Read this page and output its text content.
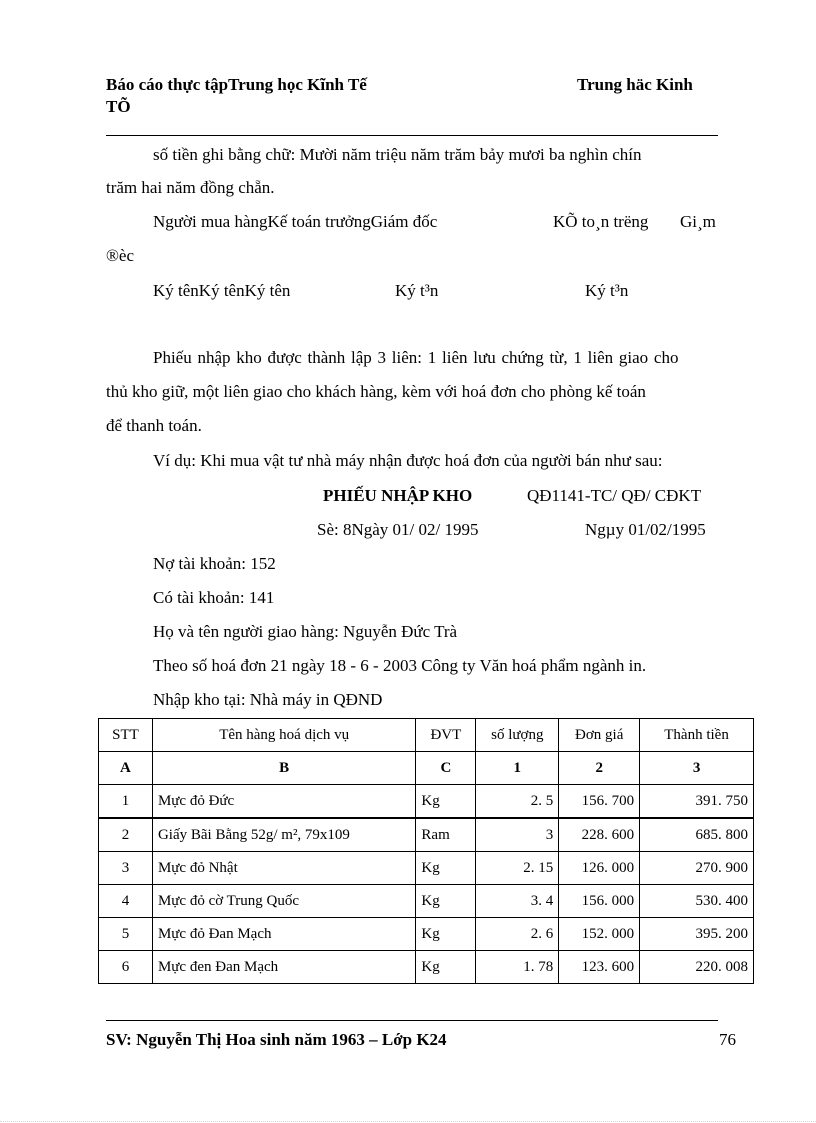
Báo cáo thực tậpTrung học Kĩnh Tế
TÕ
Trung häc Kinh
số tiền ghi bằng chữ: Mười năm triệu năm trăm bảy mươi ba nghìn chín
trăm hai năm đồng chẵn.
Người mua hàngKế toán trưởngGiám đốc	KÕ to¸n trëng Gi¸m
®èc
Ký tênKý tênKý tên	Ký t³n	Ký t³n
Phiếu nhập kho được thành lập 3 liên: 1 liên lưu chứng từ, 1 liên giao cho
thủ kho giữ, một liên giao cho khách hàng, kèm với hoá đơn cho phòng kế toán
để thanh toán.
Ví dụ: Khi mua vật tư nhà máy nhận được hoá đơn của người bán như sau:
PHIẾU NHẬP KHO	QĐ1141-TC/ QĐ/ CĐKT
Sè: 8Ngày 01/ 02/ 1995	Ngµy 01/02/1995
Nợ tài khoản: 152
Có tài khoản: 141
Họ và tên người giao hàng: Nguyễn Đức Trà
Theo số hoá đơn 21 ngày 18 - 6 - 2003 Công ty Văn hoá phẩm ngành in.
Nhập kho tại: Nhà máy in QĐND
STT	Tên hàng hoá dịch vụ	ĐVT	số lượng	Đơn giá	Thành tiền
A	B	C	1	2	3
1	Mực đỏ Đức	Kg	2. 5	156. 700	391. 750
2	Giấy Bãi Bằng 52g/ m², 79x109	Ram	3	228. 600	685. 800
3	Mực đỏ Nhật	Kg	2. 15	126. 000	270. 900
4	Mực đỏ cờ Trung Quốc	Kg	3. 4	156. 000	530. 400
5	Mực đỏ Đan Mạch	Kg	2. 6	152. 000	395. 200
6	Mực đen Đan Mạch	Kg	1. 78	123. 600	220. 008
SV: Nguyễn Thị Hoa sinh năm 1963 – Lớp K24	76
